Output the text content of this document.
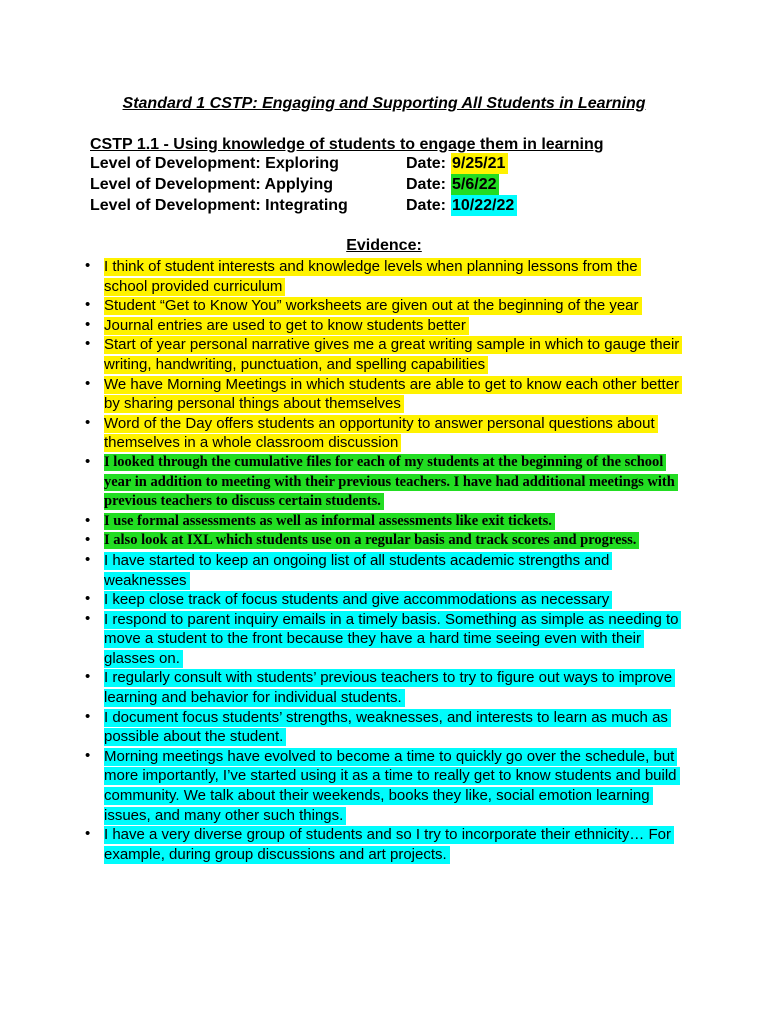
Standard 1 CSTP: Engaging and Supporting All Students in Learning
CSTP 1.1 - Using knowledge of students to engage them in learning
Level of Development: Exploring	Date: 9/25/21
Level of Development: Applying	Date: 5/6/22
Level of Development: Integrating	Date: 10/22/22
Evidence:
• I think of student interests and knowledge levels when planning lessons from the school provided curriculum
• Student “Get to Know You” worksheets are given out at the beginning of the year
• Journal entries are used to get to know students better
• Start of year personal narrative gives me a great writing sample in which to gauge their writing, handwriting, punctuation, and spelling capabilities
• We have Morning Meetings in which students are able to get to know each other better by sharing personal things about themselves
• Word of the Day offers students an opportunity to answer personal questions about themselves in a whole classroom discussion
• I looked through the cumulative files for each of my students at the beginning of the school year in addition to meeting with their previous teachers. I have had additional meetings with previous teachers to discuss certain students.
• I use formal assessments as well as informal assessments like exit tickets.
• I also look at IXL which students use on a regular basis and track scores and progress.
• I have started to keep an ongoing list of all students academic strengths and weaknesses
• I keep close track of focus students and give accommodations as necessary
• I respond to parent inquiry emails in a timely basis. Something as simple as needing to move a student to the front because they have a hard time seeing even with their glasses on.
• I regularly consult with students’ previous teachers to try to figure out ways to improve learning and behavior for individual students.
• I document focus students’ strengths, weaknesses, and interests to learn as much as possible about the student.
• Morning meetings have evolved to become a time to quickly go over the schedule, but more importantly, I’ve started using it as a time to really get to know students and build community. We talk about their weekends, books they like, social emotion learning issues, and many other such things.
• I have a very diverse group of students and so I try to incorporate their ethnicity… For example, during group discussions and art projects.
